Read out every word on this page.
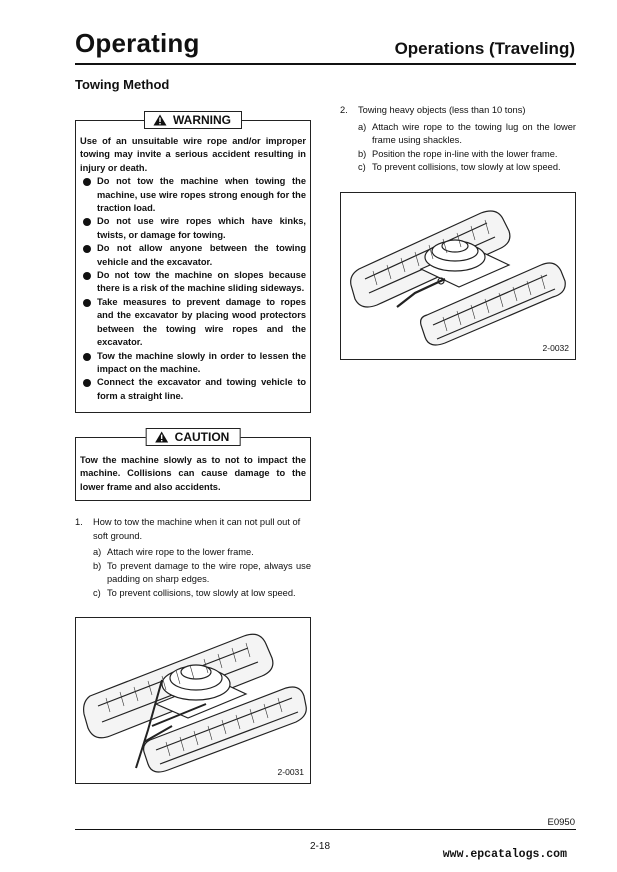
Operating	Operations (Traveling)
Towing Method
WARNING
Use of an unsuitable wire rope and/or improper towing may invite a serious accident resulting in injury or death.
Do not tow the machine when towing the machine, use wire ropes strong enough for the traction load.
Do not use wire ropes which have kinks, twists, or damage for towing.
Do not allow anyone between the towing vehicle and the excavator.
Do not tow the machine on slopes because there is a risk of the machine sliding sideways.
Take measures to prevent damage to ropes and the excavator by placing wood protectors between the towing wire ropes and the excavator.
Tow the machine slowly in order to lessen the impact on the machine.
Connect the excavator and towing vehicle to form a straight line.
CAUTION
Tow the machine slowly as to not to impact the machine. Collisions can cause damage to the lower frame and also accidents.
1. How to tow the machine when it can not pull out of soft ground.
a) Attach wire rope to the lower frame.
b) To prevent damage to the wire rope, always use padding on sharp edges.
c) To prevent collisions, tow slowly at low speed.
2-0031
2. Towing heavy objects (less than 10 tons)
a) Attach wire rope to the towing lug on the lower frame using shackles.
b) Position the rope in-line with the lower frame.
c) To prevent collisions, tow slowly at low speed.
2-0032
E0950
2-18
www.epcatalogs.com
